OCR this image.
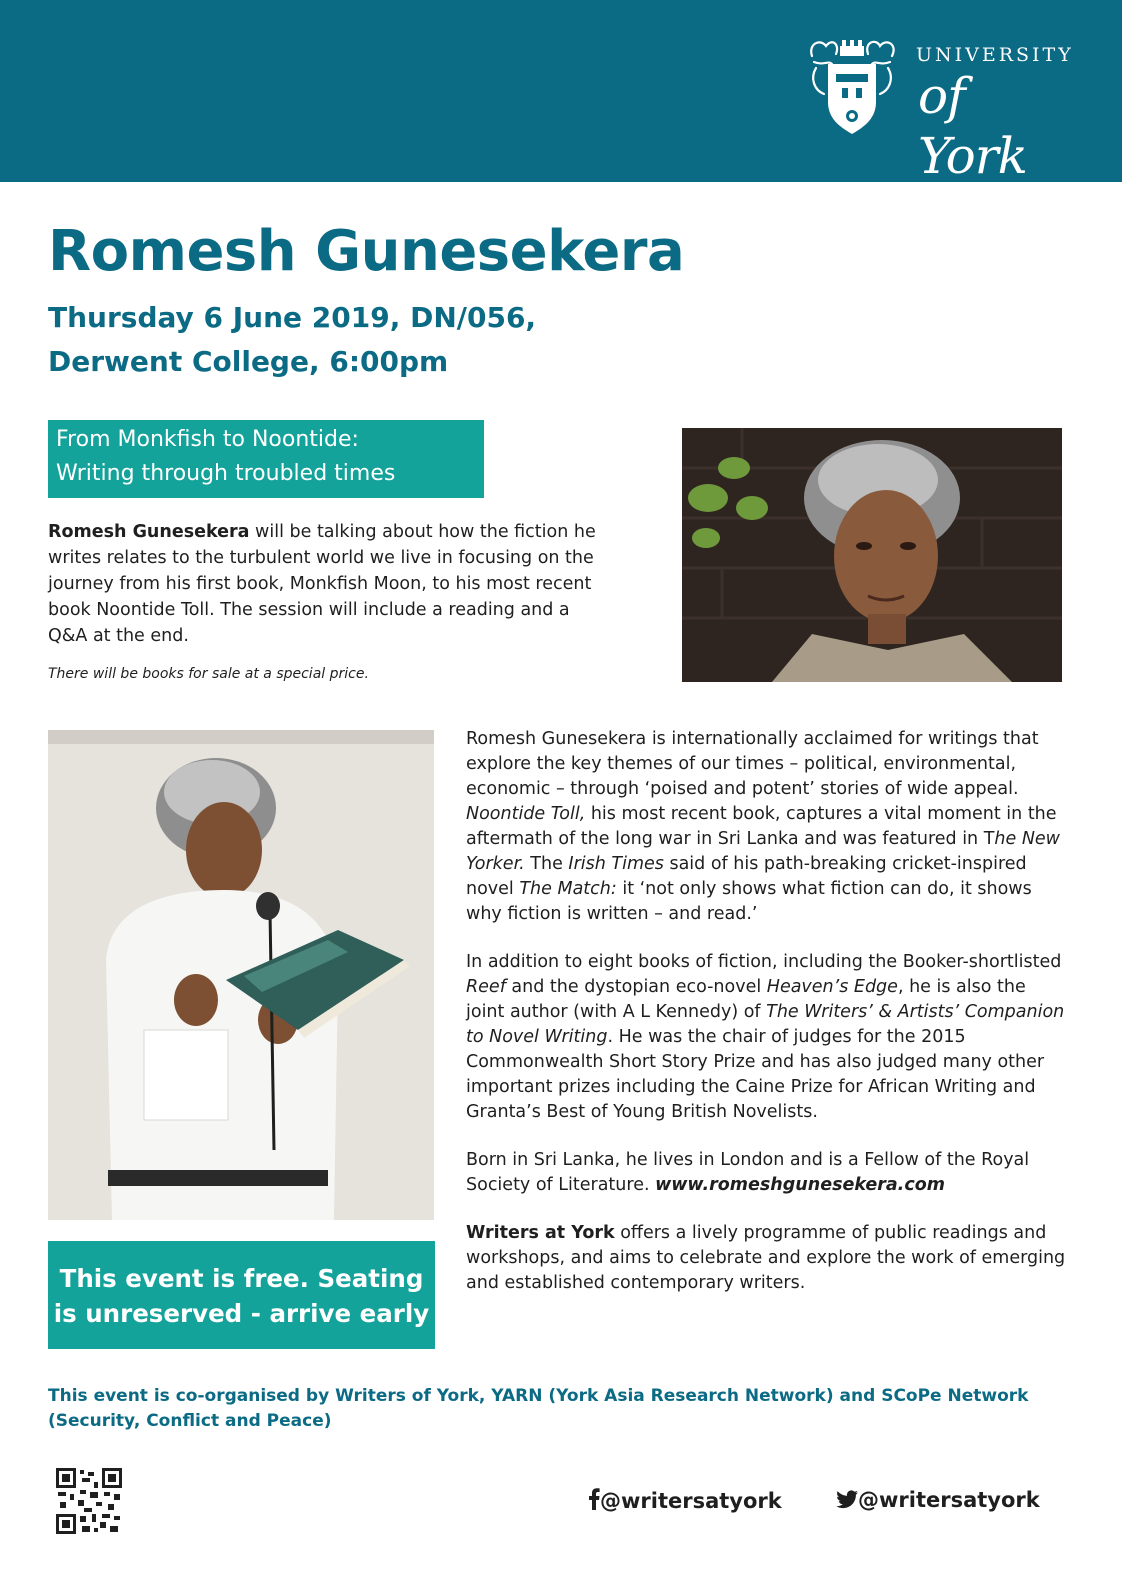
UNIVERSITY
of York
Romesh Gunesekera
Thursday 6 June 2019, DN/056,
Derwent College, 6:00pm
From Monkfish to Noontide:
Writing through troubled times

Romesh Gunesekera will be talking about how the fiction he writes relates to the turbulent world we live in focusing on the journey from his first book, Monkfish Moon, to his most recent book Noontide Toll. The session will include a reading and a Q&A at the end.

There will be books for sale at a special price.

Romesh Gunesekera is internationally acclaimed for writings that explore the key themes of our times – political, environmental, economic – through ‘poised and potent’ stories of wide appeal. Noontide Toll, his most recent book, captures a vital moment in the aftermath of the long war in Sri Lanka and was featured in The New Yorker. The Irish Times said of his path-breaking cricket-inspired novel The Match: it ‘not only shows what fiction can do, it shows why fiction is written – and read.’

In addition to eight books of fiction, including the Booker-shortlisted Reef and the dystopian eco-novel Heaven’s Edge, he is also the joint author (with A L Kennedy) of The Writers’ & Artists’ Companion to Novel Writing. He was the chair of judges for the 2015 Commonwealth Short Story Prize and has also judged many other important prizes including the Caine Prize for African Writing and Granta’s Best of Young British Novelists.

Born in Sri Lanka, he lives in London and is a Fellow of the Royal Society of Literature. www.romeshgunesekera.com

Writers at York offers a lively programme of public readings and workshops, and aims to celebrate and explore the work of emerging and established contemporary writers.

This event is free. Seating
is unreserved - arrive early

This event is co-organised by Writers of York, YARN (York Asia Research Network) and SCoPe Network (Security, Conflict and Peace)

@writersatyork	@writersatyork
